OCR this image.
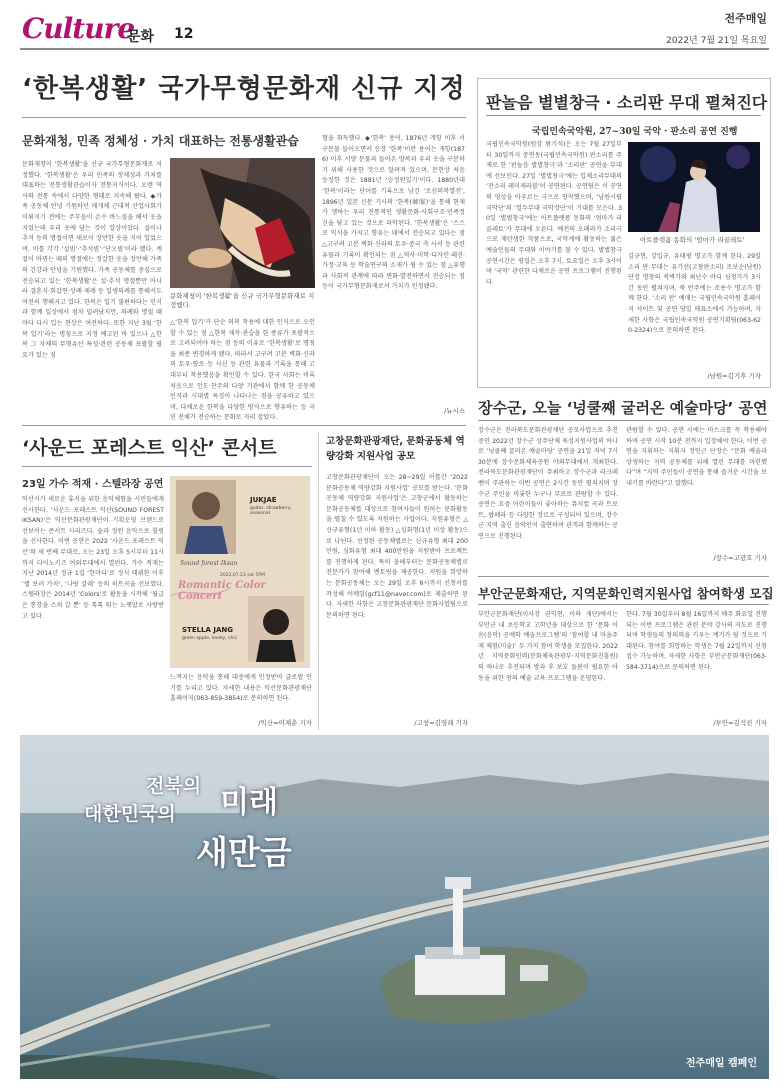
Culture
문화 12
전주매일
2022년 7월 21일 목요일
‘한복생활’ 국가무형문화재 신규 지정
문화재청, 민족 정체성 · 가치 대표하는 전통생활관습
문화재청이 ‘한복생활’을 신규 국가무형문화재로 지정했다. ‘한복생활’은 우리 민족의 정체성과 가치를 대표하는 전통생활관습이자 전통지식이다. 오랜 역사와 전통 속에서 다양한 형태로 지속해 왔다. ◆가족 공동체 안녕 기원하던 매개체 근대적 산업사회가 이뤄지기 전에는 주부들이 손수 바느질을 해서 옷을 지었는데 우리 옷에 담는 것이 일상이었다. 설이나 추석 등의 명절이면 새로이 장만한 옷을 지어 입었으며, 이를 각각 ‘설빔’·‘추석빔’·‘단오빔’이라 했다. 계절이 바뀌는 때의 명절에는 정갈한 옷을 장만해 가족의 건강과 안녕을 기원했다. 가족 공동체를 중심으로 전승되고 있는 ‘한복생활’은 설·추석 명절뿐만 아니라 결혼식·회갑연·상례·제례 등 일생의례를 통해서도 여전히 행해지고 있다. 한복은 입기 불편하다는 인식과 함께 일상에서 점차 밀려났지만, 의례와 명절 때마다 다시 입는 현상은 여전하다. 또한 지난 3월 ‘한복 입기’라는 명칭으로 지정 예고된 바 있으나 △한복 그 자체의 무형유산 특성·관련 공동체 포괄할 필요가 있는 점
문화재청이 ‘한복생활’을 신규 국가무형문화재로 지정했다.
△‘한복 입기’가 단순 의복 착용에 대한 인식으로 오인할 수 있는 점 △한복 제작·관습을 한 종류가 포괄적으로 고려되어야 하는 점 등의 이유로 ‘한복생활’로 명칭을 최종 변경하게 됐다. 따라서 고구려 고분 벽화·신라의 토우·향로 등 사신 등 관련 유물과 기록을 통해 고대부터 착용했음을 확인할 수 있다. 한국 사회는 비록 처음으로 인도·찬주의 다양 기관에서 함께 한 공동체 인식과 시대별 특징이 나타나는 점을 공유하고 있으며, 다채로운 한복을 다양한 방식으로 향유하는 등 국민 전체가 전승하는 문화로 자리 잡았다.
형을 취득했다. ◆‘한복’ 용어, 1876년 개항 이후 서구문물 들어오면서 등장 ‘한복’이란 용어는 개항(1876) 이후 서양 문물과 들어온 양복과 우리 옷을 구분하기 위해 사용한 것으로 알려져 있으며, 문헌상 처음 등장한 것은 1881년 ‘승정원일기’이다. 1880년대 ‘한복’이라는 단어를 기록으로 남긴 ‘조선의복열전’, 1896년 일본 신문 기사의 ‘한복(韓服)’을 통해 현재가 행하는 우리 전통적인 생활문화·사회구조·민족정신을 담고 있는 것으로 파악된다. ‘한복생활’은 ‘스스로 익식을 가지고 향유는 데에서 전승되고 있다는 점 △고구려 고분 벽화·신라의 토우·중국 측 사서 등 관련 유물과 기록이 확인되는 점 △역사·미학·디자인·패션·가정·교육 등 학술연구의 소재가 될 수 있는 점 △유행과 사회적 관계에 따라 변화·발전하면서 전승되는 점 등이 국가무형문화재로서 가치가 인정됐다.
/뉴시스
판놀음 별별창극 · 소리판 무대 펼쳐진다
국립민속국악원, 27~30일 국악 · 판소리 공연 진행
국립민속국악원(원장 왕기석)은 오는 7월 27일부터 30일까지 중연동(국립민속국악원) 판소리를 주제로 한 ‘판놀음 별별창극’과 ‘소리판’ 공연을 무대에 선보인다. 27일 ‘별별창극’에는 입체소리무대의 ‘잔소리 레미제라블’이 공연된다. 공연팀은 이 공연의 영상을 아우르는 극으로 창작했으며, ‘남원시립국악단’의 ‘열두무대 국악장단’이 기대를 모은다. 30일 ‘별별창극’에는 아트플랫폼 동화의 ‘엄마가 리골레토’가 무대에 오른다. 예전의 오페라가 소리극으로 재탄생한 작품으로, 국악계에 활동하는 젊은 예술인들의 무대와 이야기를 볼 수 있다. 별별창극 공연시간은 평일은 오후 7시, 토요일은 오후 3시이며 ‘국악’ 관련한 다채로운 공연 프로그램이 진행된다.
아트플랫폼 동화의 ‘엄마가 리골레토’
김규현, 강입규, 유태평 명고가 함께 한다. 29일 소리 판 무대는 유기선(고창판소리) 조보순(남원) 단장 명창의 적벽가와 최난수 바디 심청가가 3시간 동안 펼쳐지며, 북 반주에는 조용수 명고가 함께 한다. ‘소리 판’ 예매는 국립민속국악원 홈페이지 사이트 및 공연 당일 매표소에서 가능하며, 자세한 사항은 국립민속국악원 공연기획팀(063-620-2324)으로 문의하면 된다.
/남원=김기후 기자
장수군, 오늘 ‘넝쿨째 굴러온 예술마당’ 공연
장수군은 전라북도문화관광재단 공모사업으로 추진 중인 2022년 장수군 상주단체 육성지원사업의 하나로 ‘넝쿨째 굴러온 예술마당’ 공연을 21일 저녁 7시30분에 장수문화체육공원 야외무대에서 개최한다. 전라북도문화관광재단이 주최하고 장수군과 라크레벤이 주관하는 이번 공연은 2시간 동안 펼쳐지며 장수군 주민을 비롯한 누구나 무료로 관람할 수 있다. 공연은 요즘 어린이들이 좋아하는 뮤지컬 곡과 트로트, 팝페라 등 다양한 장르로 구성되어 있으며, 장수 군 지역 출신 음악인이 출연하며 관객과 함께하는 공연으로 진행된다.
관람할 수 있다. 공연 시에는 마스크를 꼭 착용해야 하며 공연 시작 10분 전까지 입장해야 한다. 이번 공연을 지휘하는 지휘자 정인근 단장은 “문화 예술과 상생하는 지역 공동체를 위해 열린 무대를 마련했다”며 “지역 주민들이 공연을 통해 즐거운 시간을 보내기를 바란다”고 말했다.
/장수=고광호 기자
‘사운드 포레스트 익산’ 콘서트
23일 가수 적재 · 스텔라장 공연
익산시가 새로운 휴식을 위한 음악체험을 시민들에게 선사한다. ‘사운드 포레스트 익산(SOUND FOREST IKSAN)’은 익산문화관광재단이 기획운영 브랜드로 선보이는 콘서트 시리즈다. 숲과 정원 음악으로 힐링을 선사한다. 이번 공연은 2022 ‘사운드 포레스트 익산’의 세 번째 무대로, 오는 23일 오후 5시부터 11시까지 다이노키즈 야외무대에서 열린다. 가수 적재는 지난 2014년 정규 1집 ‘한마디’로 정식 데뷔한 이후 ‘별 보러 가자’, ‘나랑 갈래’ 등의 히트곡을 선보였다. 스텔라장은 2014년 ‘Colors’로 활동을 시작해 ‘월급은 통장을 스쳐 갈 뿐’ 등 톡톡 튀는 노랫말로 사랑받고 있다.
JUKJAE
guitar, strawberry, seasonal
Sound forest Iksan
2022.07.23 sat 5PM
Romantic Color Concert
STELLA JANG
green apple, lovely, chic
느껴지는 음악을 통해 대중에게 인정받아 글로벌 인기를 누리고 있다. 자세한 내용은 익산문화관광재단 홈페이지(063-859-3854)로 문의하면 된다.
/익산=이재춘 기자
고창문화관광재단, 문화공동체 역량강화 지원사업 공모
고창문화관광재단이 오는 28~29일 이틀간 ‘2022 문화공동체 역량강화 지원사업’ 공모를 받는다. ‘문화공동체 역량강화 지원사업’은 고창군에서 활동하는 문화공동체를 대상으로 참여자들이 원하는 문화활동을 펼칠 수 있도록 지원하는 사업이다. 지원유형은 △신규유형(1년 이하 활동) △심화형(1년 이상 활동)으로 나뉜다. 선정된 공동체별로는 신규유형 최대 200만원, 심화유형 최대 400만원을 지원받아 프로젝트를 진행하게 된다. 특히 올해부터는 문화공동체별로 전문가가 참여해 멘토링을 제공한다. 지원을 희망하는 문화공동체는 오는 29일 오후 6시까지 신청서를 작성해 이메일(gcf11@naver.com)로 제출하면 된다. 자세한 사항은 고창문화관광재단 문화사업팀으로 문의하면 된다.
/고창=김영래 기자
부안군문화재단, 지역문화인력지원사업 참여학생 모집
부안군문화재단(이사장 권익현, 이하 재단)에서는 부안군 내 초등학교 고학년을 대상으로 한 ‘문화 이음(음악) 공예학 예술프로그램’의 ‘참여할 내 마을주제 체험(미술)’ 두 가지 참여 학생을 모집한다. 2022년 지역문화인력(문화체육관광부·지역문화진흥원)의 하나로 추진되며 방과 후 보호 돌봄이 필요한 아동을 위한 창의 예술 교육 프로그램을 운영한다.
한다. 7월 30일부터 8월 16일까지 매주 화요일 진행되는 이번 프로그램은 관련 분야 강사의 지도로 진행되며 학생들의 창의력을 키우는 계기가 될 것으로 기대된다. 참여를 희망하는 학생은 7월 22일까지 신청 접수 가능하며, 자세한 사항은 부안군문화재단(063-584-3714)으로 문의하면 된다.
/부안=김석진 기자
전북의
대한민국의 미래
새만금
전주매일 캠페인
